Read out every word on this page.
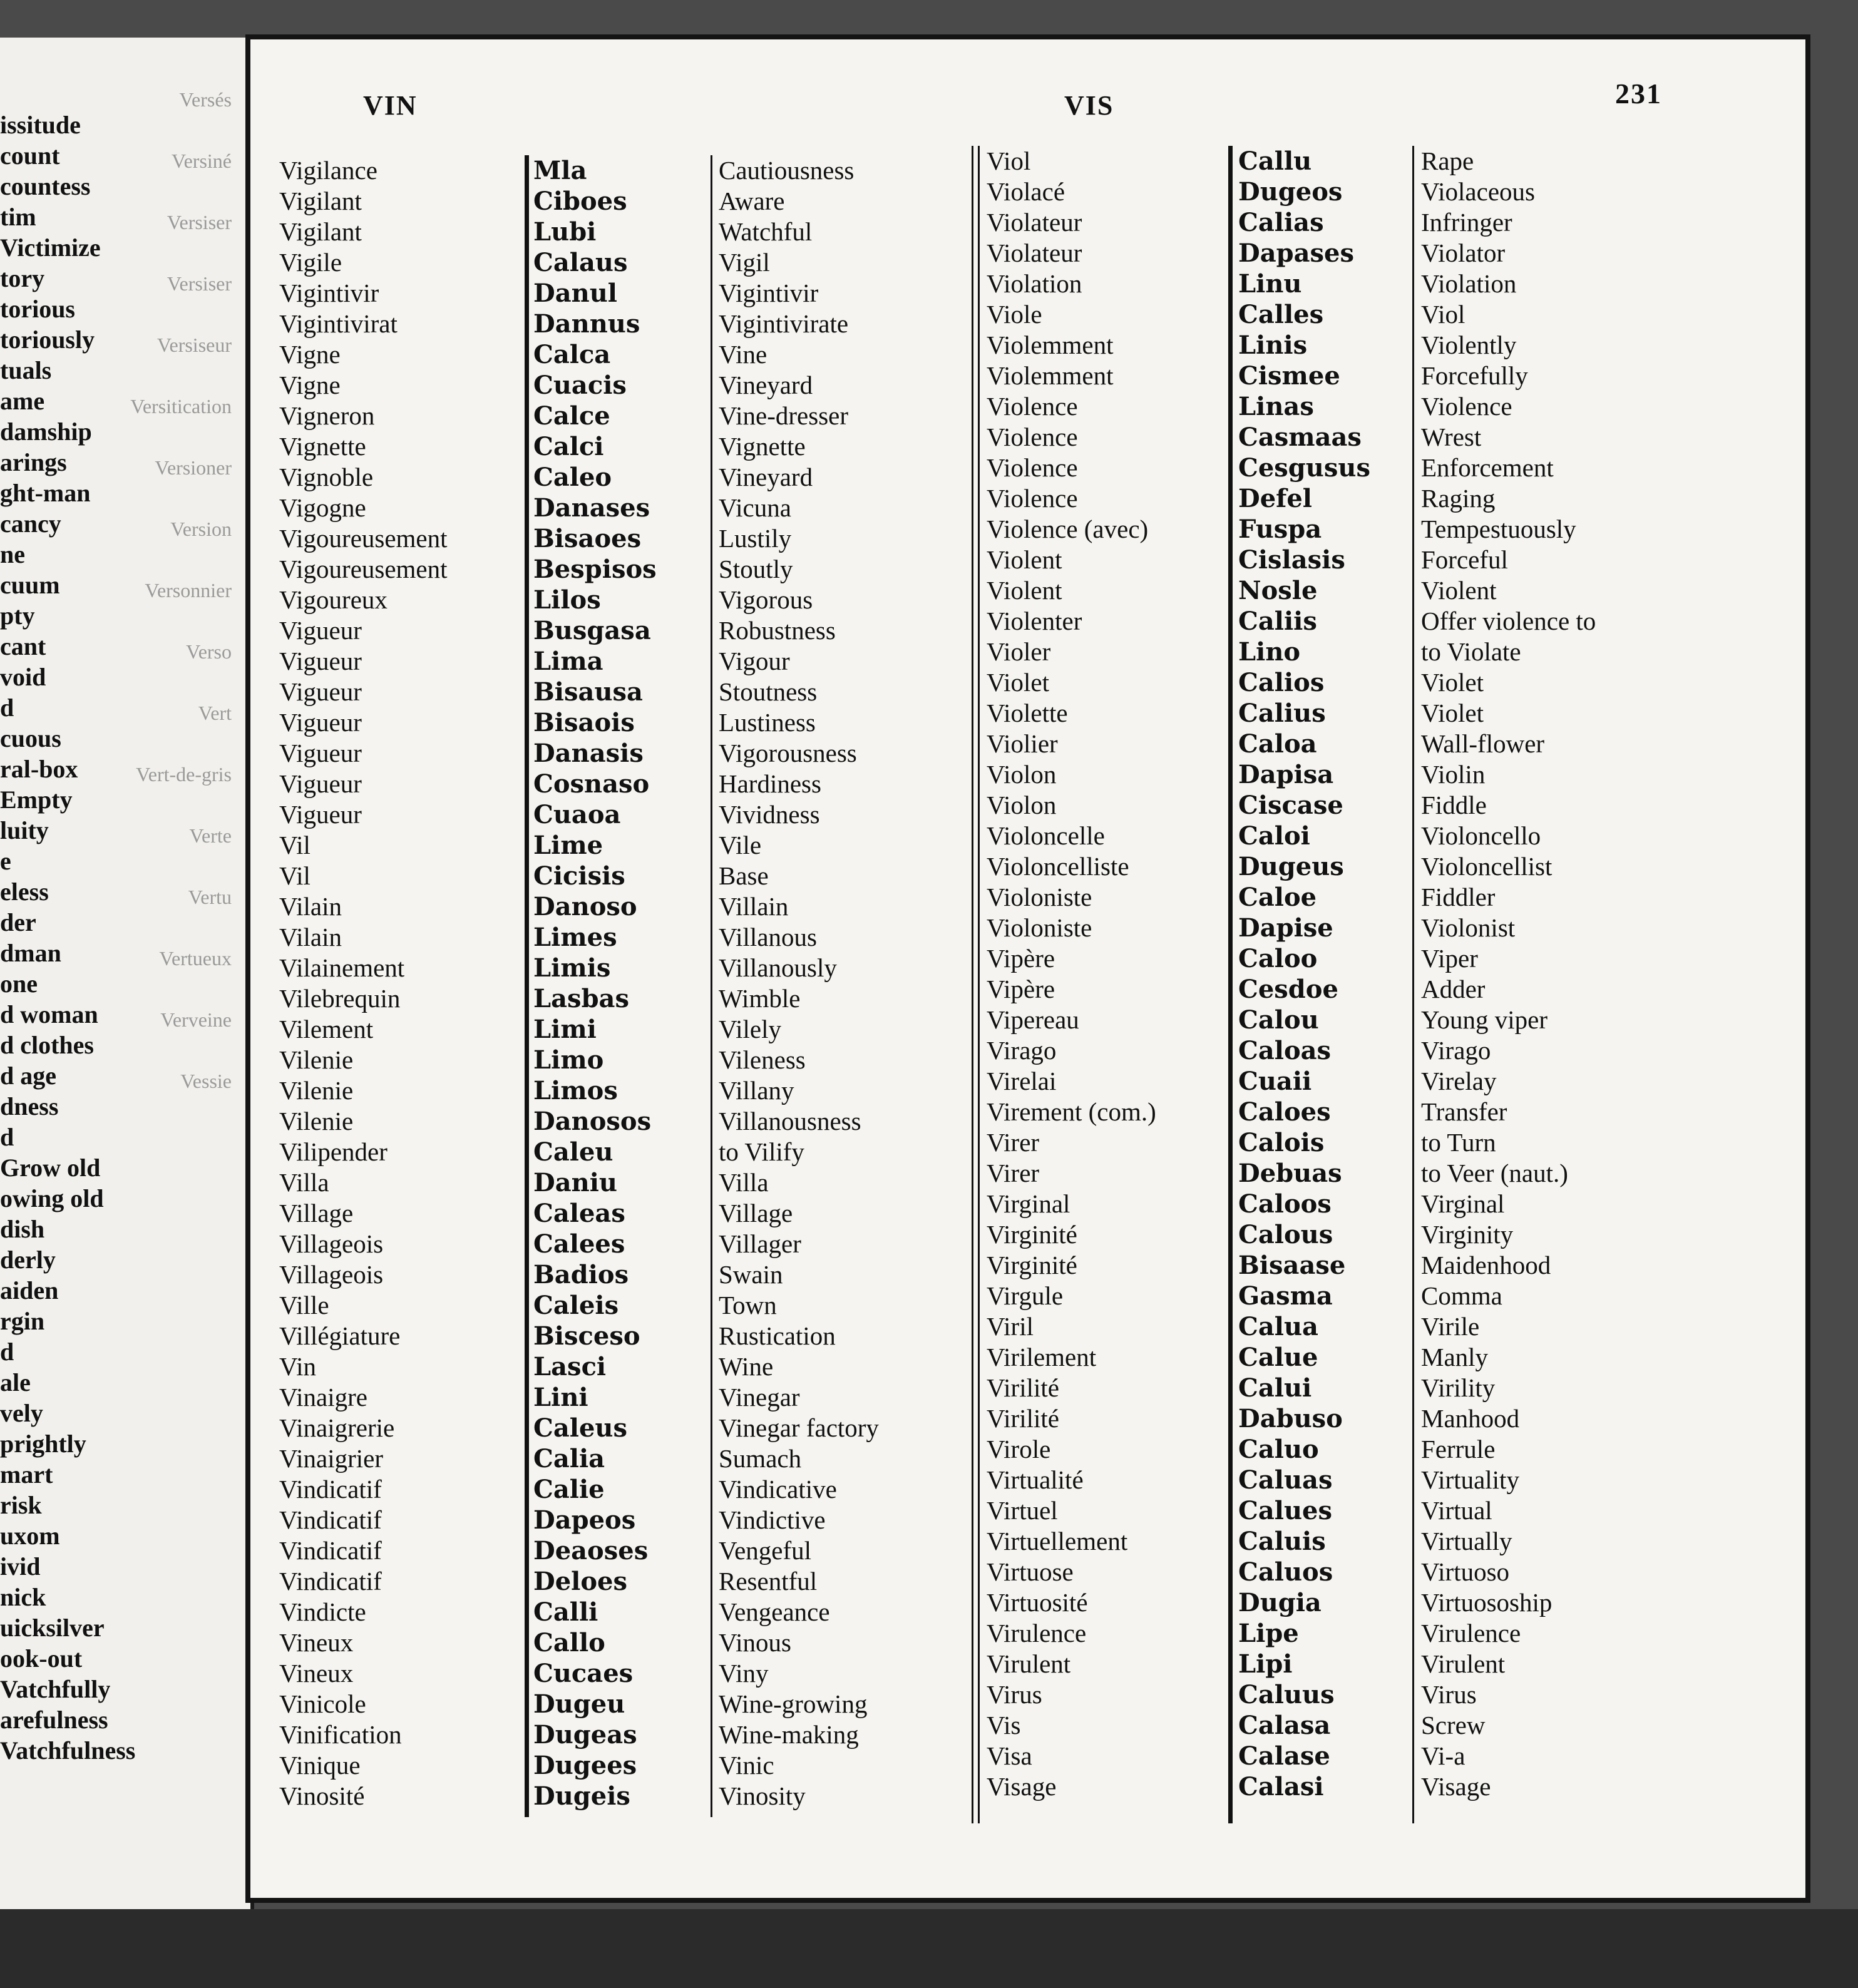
Versés
Versiné
Versiser
Versiser
Versiseur
Versitication
Versioner
Version
Versonnier
Verso
Vert
Vert-de-gris
Verte
Vertu
Vertueux
Verveine
Vessie
issitude
count
countess
tim
Victimize
tory
torious
toriously
tuals
ame
damship
arings
ght-man
cancy
ne
cuum
pty
cant
void
d
cuous
ral-box
Empty
luity
e
eless
der
dman
one
d woman
d clothes
d age
dness
d
Grow old
owing old
dish
derly
aiden
rgin
d
ale
vely
prightly
mart
risk
uxom
ivid
nick
uicksilver
ook-out
Vatchfully
arefulness
Vatchfulness
VIN	VIS	231
Vigilance
Vigilant
Vigilant
Vigile
Vigintivir
Vigintivirat
Vigne
Vigne
Vigneron
Vignette
Vignoble
Vigogne
Vigoureusement
Vigoureusement
Vigoureux
Vigueur
Vigueur
Vigueur
Vigueur
Vigueur
Vigueur
Vigueur
Vil
Vil
Vilain
Vilain
Vilainement
Vilebrequin
Vilement
Vilenie
Vilenie
Vilenie
Vilipender
Villa
Village
Villageois
Villageois
Ville
Villégiature
Vin
Vinaigre
Vinaigrerie
Vinaigrier
Vindicatif
Vindicatif
Vindicatif
Vindicatif
Vindicte
Vineux
Vineux
Vinicole
Vinification
Vinique
Vinosité
Mla
Ciboes
Lubi
Calaus
Danul
Dannus
Calca
Cuacis
Calce
Calci
Caleo
Danases
Bisaoes
Bespisos
Lilos
Busgasa
Lima
Bisausa
Bisaois
Danasis
Cosnaso
Cuaoa
Lime
Cicisis
Danoso
Limes
Limis
Lasbas
Limi
Limo
Limos
Danosos
Caleu
Daniu
Caleas
Calees
Badios
Caleis
Bisceso
Lasci
Lini
Caleus
Calia
Calie
Dapeos
Deaoses
Deloes
Calli
Callo
Cucaes
Dugeu
Dugeas
Dugees
Dugeis
Cautiousness
Aware
Watchful
Vigil
Vigintivir
Vigintivirate
Vine
Vineyard
Vine-dresser
Vignette
Vineyard
Vicuna
Lustily
Stoutly
Vigorous
Robustness
Vigour
Stoutness
Lustiness
Vigorousness
Hardiness
Vividness
Vile
Base
Villain
Villanous
Villanously
Wimble
Vilely
Vileness
Villany
Villanousness
to Vilify
Villa
Village
Villager
Swain
Town
Rustication
Wine
Vinegar
Vinegar factory
Sumach
Vindicative
Vindictive
Vengeful
Resentful
Vengeance
Vinous
Viny
Wine-growing
Wine-making
Vinic
Vinosity
Viol
Violacé
Violateur
Violateur
Violation
Viole
Violemment
Violemment
Violence
Violence
Violence
Violence
Violence (avec)
Violent
Violent
Violenter
Violer
Violet
Violette
Violier
Violon
Violon
Violoncelle
Violoncelliste
Violoniste
Violoniste
Vipère
Vipère
Vipereau
Virago
Virelai
Virement (com.)
Virer
Virer
Virginal
Virginité
Virginité
Virgule
Viril
Virilement
Virilité
Virilité
Virole
Virtualité
Virtuel
Virtuellement
Virtuose
Virtuosité
Virulence
Virulent
Virus
Vis
Visa
Visage
Callu
Dugeos
Calias
Dapases
Linu
Calles
Linis
Cismee
Linas
Casmaas
Cesgusus
Defel
Fuspa
Cislasis
Nosle
Caliis
Lino
Calios
Calius
Caloa
Dapisa
Ciscase
Caloi
Dugeus
Caloe
Dapise
Caloo
Cesdoe
Calou
Caloas
Cuaii
Caloes
Calois
Debuas
Caloos
Calous
Bisaase
Gasma
Calua
Calue
Calui
Dabuso
Caluo
Caluas
Calues
Caluis
Caluos
Dugia
Lipe
Lipi
Caluus
Calasa
Calase
Calasi
Rape
Violaceous
Infringer
Violator
Violation
Viol
Violently
Forcefully
Violence
Wrest
Enforcement
Raging
Tempestuously
Forceful
Violent
Offer violence to
to Violate
Violet
Violet
Wall-flower
Violin
Fiddle
Violoncello
Violoncellist
Fiddler
Violonist
Viper
Adder
Young viper
Virago
Virelay
Transfer
to Turn
to Veer (naut.)
Virginal
Virginity
Maidenhood
Comma
Virile
Manly
Virility
Manhood
Ferrule
Virtuality
Virtual
Virtually
Virtuoso
Virtuosoship
Virulence
Virulent
Virus
Screw
Vi-a
Visage
